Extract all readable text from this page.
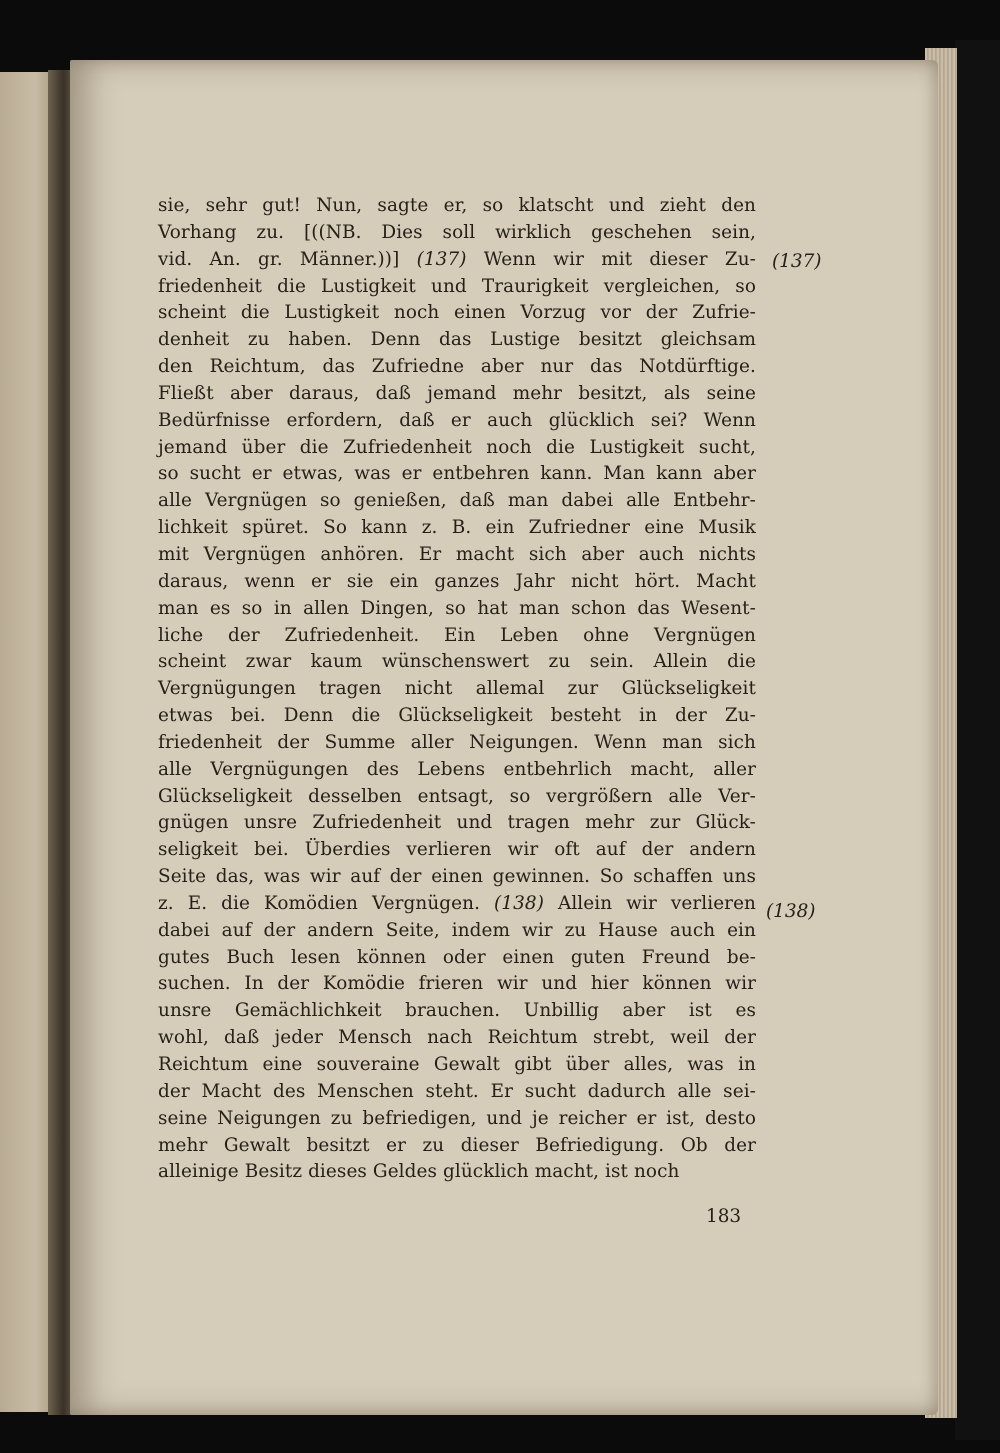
sie, sehr gut! Nun, sagte er, so klatscht und zieht den
Vorhang zu. [((NB. Dies soll wirklich geschehen sein,
vid. An. gr. Männer.))] (137) Wenn wir mit dieser Zu-
friedenheit die Lustigkeit und Traurigkeit vergleichen, so
scheint die Lustigkeit noch einen Vorzug vor der Zufrie-
denheit zu haben. Denn das Lustige besitzt gleichsam
den Reichtum, das Zufriedne aber nur das Notdürftige.
Fließt aber daraus, daß jemand mehr besitzt, als seine
Bedürfnisse erfordern, daß er auch glücklich sei? Wenn
jemand über die Zufriedenheit noch die Lustigkeit sucht,
so sucht er etwas, was er entbehren kann. Man kann aber
alle Vergnügen so genießen, daß man dabei alle Entbehr-
lichkeit spüret. So kann z. B. ein Zufriedner eine Musik
mit Vergnügen anhören. Er macht sich aber auch nichts
daraus, wenn er sie ein ganzes Jahr nicht hört. Macht
man es so in allen Dingen, so hat man schon das Wesent-
liche der Zufriedenheit. Ein Leben ohne Vergnügen
scheint zwar kaum wünschenswert zu sein. Allein die
Vergnügungen tragen nicht allemal zur Glückseligkeit
etwas bei. Denn die Glückseligkeit besteht in der Zu-
friedenheit der Summe aller Neigungen. Wenn man sich
alle Vergnügungen des Lebens entbehrlich macht, aller
Glückseligkeit desselben entsagt, so vergrößern alle Ver-
gnügen unsre Zufriedenheit und tragen mehr zur Glück-
seligkeit bei. Überdies verlieren wir oft auf der andern
Seite das, was wir auf der einen gewinnen. So schaffen uns
z. E. die Komödien Vergnügen. (138) Allein wir verlieren
dabei auf der andern Seite, indem wir zu Hause auch ein
gutes Buch lesen können oder einen guten Freund be-
suchen. In der Komödie frieren wir und hier können wir
unsre Gemächlichkeit brauchen. Unbillig aber ist es
wohl, daß jeder Mensch nach Reichtum strebt, weil der
Reichtum eine souveraine Gewalt gibt über alles, was in
der Macht des Menschen steht. Er sucht dadurch alle sei-
seine Neigungen zu befriedigen, und je reicher er ist, desto
mehr Gewalt besitzt er zu dieser Befriedigung. Ob der
alleinige Besitz dieses Geldes glücklich macht, ist noch
(137)
(138)
183
